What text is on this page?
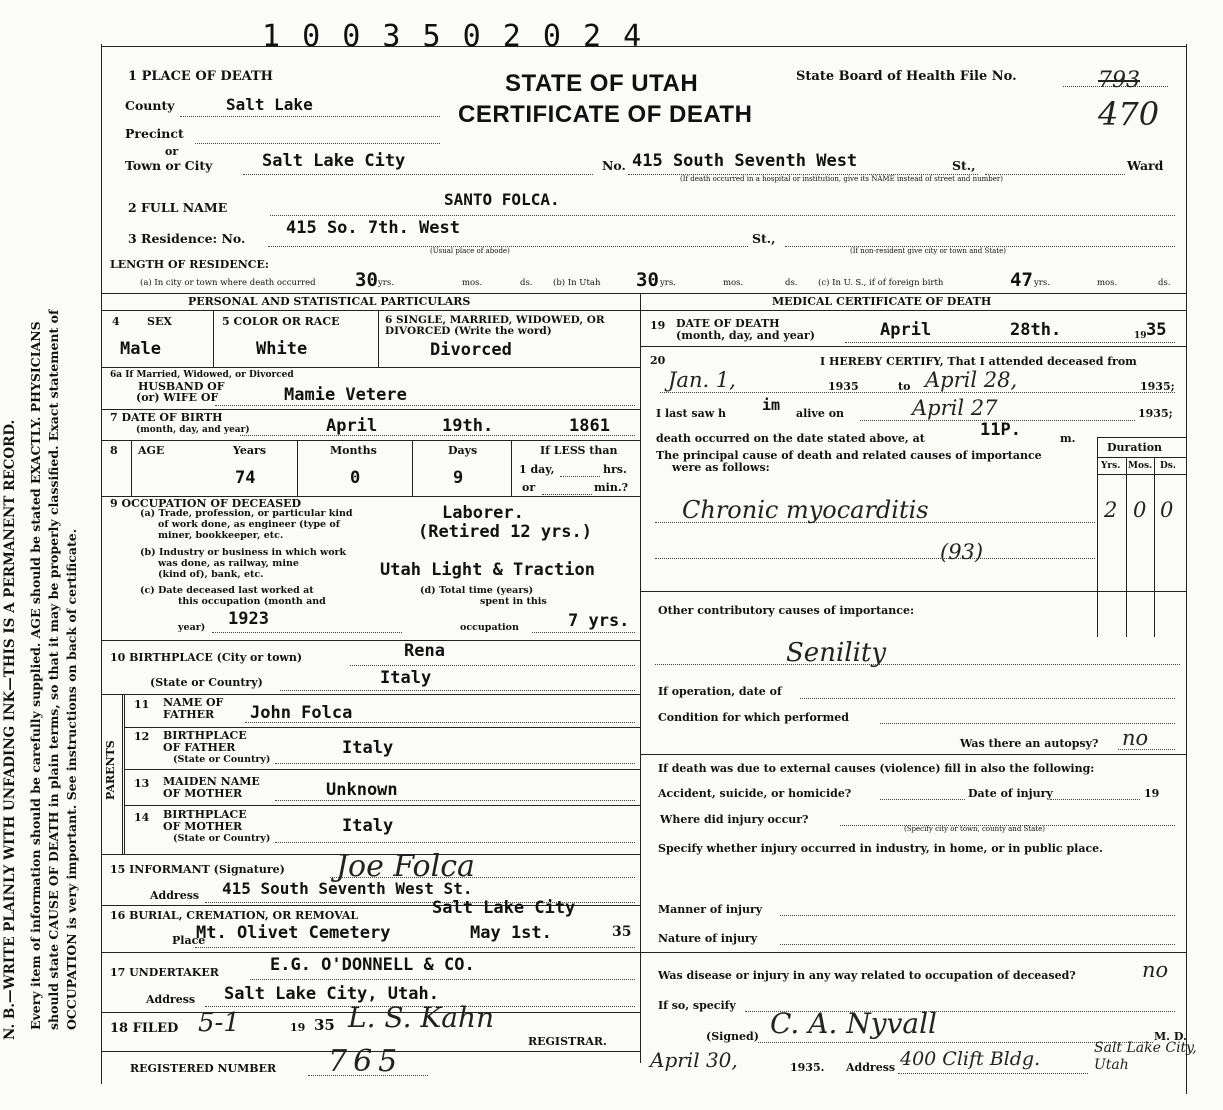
1 0 0 3 5 0 2 0 2 4
N. B.—WRITE PLAINLY WITH UNFADING INK—THIS IS A PERMANENT RECORD. Every item of information should be carefully supplied. AGE should be stated EXACTLY. PHYSICIANS should state CAUSE OF DEATH in plain terms, so that it may be properly classified. Exact statement of OCCUPATION is very important. See instructions on back of certificate.
1 PLACE OF DEATH	STATE OF UTAH
CERTIFICATE OF DEATH
State Board of Health File No.	793
470
County	Salt Lake
Precinct
or
Town or City	Salt Lake City	No. 415 South Seventh West	St.,	Ward
(If death occurred in a hospital or institution, give its NAME instead of street and number)
2 FULL NAME	SANTO FOLCA.
3 Residence: No.
415 So. 7th. West
St.,
(Usual place of abode)	(If non-resident give city or town and State)
LENGTH OF RESIDENCE:
(a) In city or town where death occurred 30 yrs.	mos.	ds. (b) In Utah 30 yrs.	mos.	ds. (c) In U. S., if of foreign birth	47 yrs.	mos.	ds.
PERSONAL AND STATISTICAL PARTICULARS	MEDICAL CERTIFICATE OF DEATH
4 SEX
Male
5 COLOR OR RACE
White
6 SINGLE, MARRIED, WIDOWED, OR DIVORCED (Write the word)
Divorced
6a If Married, Widowed, or Divorced
HUSBAND OF
(or) WIFE OF	Mamie Vetere
7 DATE OF BIRTH
(month, day, and year)	April	19th.	1861
8 AGE	Years	Months	Days
74	0	9
If LESS than
1 day,	hrs.
or	min.?
9 OCCUPATION OF DECEASED
(a) Trade, profession, or particular kind
of work done, as engineer (type of
miner, bookkeeper, etc.
Laborer.
(Retired 12 yrs.)
(b) Industry or business in which work
was done, as railway, mine
(kind of), bank, etc.	Utah Light & Traction
(c) Date deceased last worked at
this occupation (month and
year) 1923
(d) Total time (years)
spent in this
occupation	7 yrs.
10 BIRTHPLACE (City or town)	Rena
(State or Country)	Italy
PARENTS
11 NAME OF
FATHER John Folca
12 BIRTHPLACE
OF FATHER
(State or Country)
Italy
13 MAIDEN NAME
OF MOTHER	Unknown
14 BIRTHPLACE
OF MOTHER
(State or Country)
Italy
15 INFORMANT (Signature) Joe Folca
Address 415 South Seventh West St.
16 BURIAL, CREMATION, OR REMOVAL	Salt Lake City
Place
Mt. Olivet Cemetery	May 1st.	35
17 UNDERTAKER	E.G. O'DONNELL & CO.
Address Salt Lake City, Utah.
18 FILED 5-1	19 35 L. S. Kahn
REGISTRAR.
REGISTERED NUMBER 765
19 DATE OF DEATH
(month, day, and year)	April	28th.	19 35
20	I HEREBY CERTIFY, That I attended deceased from
Jan. 1,	1935	to April 28,	1935;
I last saw h im alive on	April 27	1935;
death occurred on the date stated above, at	11P.	m.
Duration
Yrs. Mos. Ds.
The principal cause of death and related causes of importance
were as follows:
Chronic myocarditis	2 0 0
(93)
Other contributory causes of importance:
Senility
If operation, date of
Condition for which performed
Was there an autopsy? no
If death was due to external causes (violence) fill in also the following:
Accident, suicide, or homicide?	Date of injury	19
Where did injury occur?
(Specify city or town, county and State)
Specify whether injury occurred in industry, in home, or in public place.
Manner of injury
Nature of injury
Was disease or injury in any way related to occupation of deceased?	no
If so, specify
(Signed) C. A. Nyvall	M. D.
April 30,	1935. Address 400 Clift Bldg.	Salt Lake City, Utah
